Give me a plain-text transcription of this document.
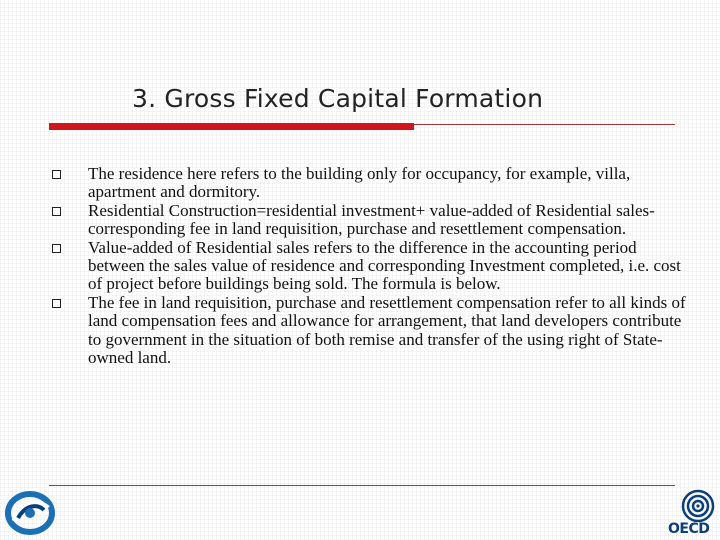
3. Gross Fixed Capital Formation
The residence here refers to the building only for occupancy, for example, villa, apartment and dormitory.
Residential Construction=residential investment+ value-added of Residential sales- corresponding fee in land requisition, purchase and resettlement compensation.
Value-added of Residential sales refers to the difference in the accounting period between the sales value of residence and corresponding Investment completed, i.e. cost of project before buildings being sold. The formula is below.
The fee in land requisition, purchase and resettlement compensation refer to all kinds of land compensation fees and allowance for arrangement, that land developers contribute to government in the situation of both remise and transfer of the using right of State-owned land.
OECD
